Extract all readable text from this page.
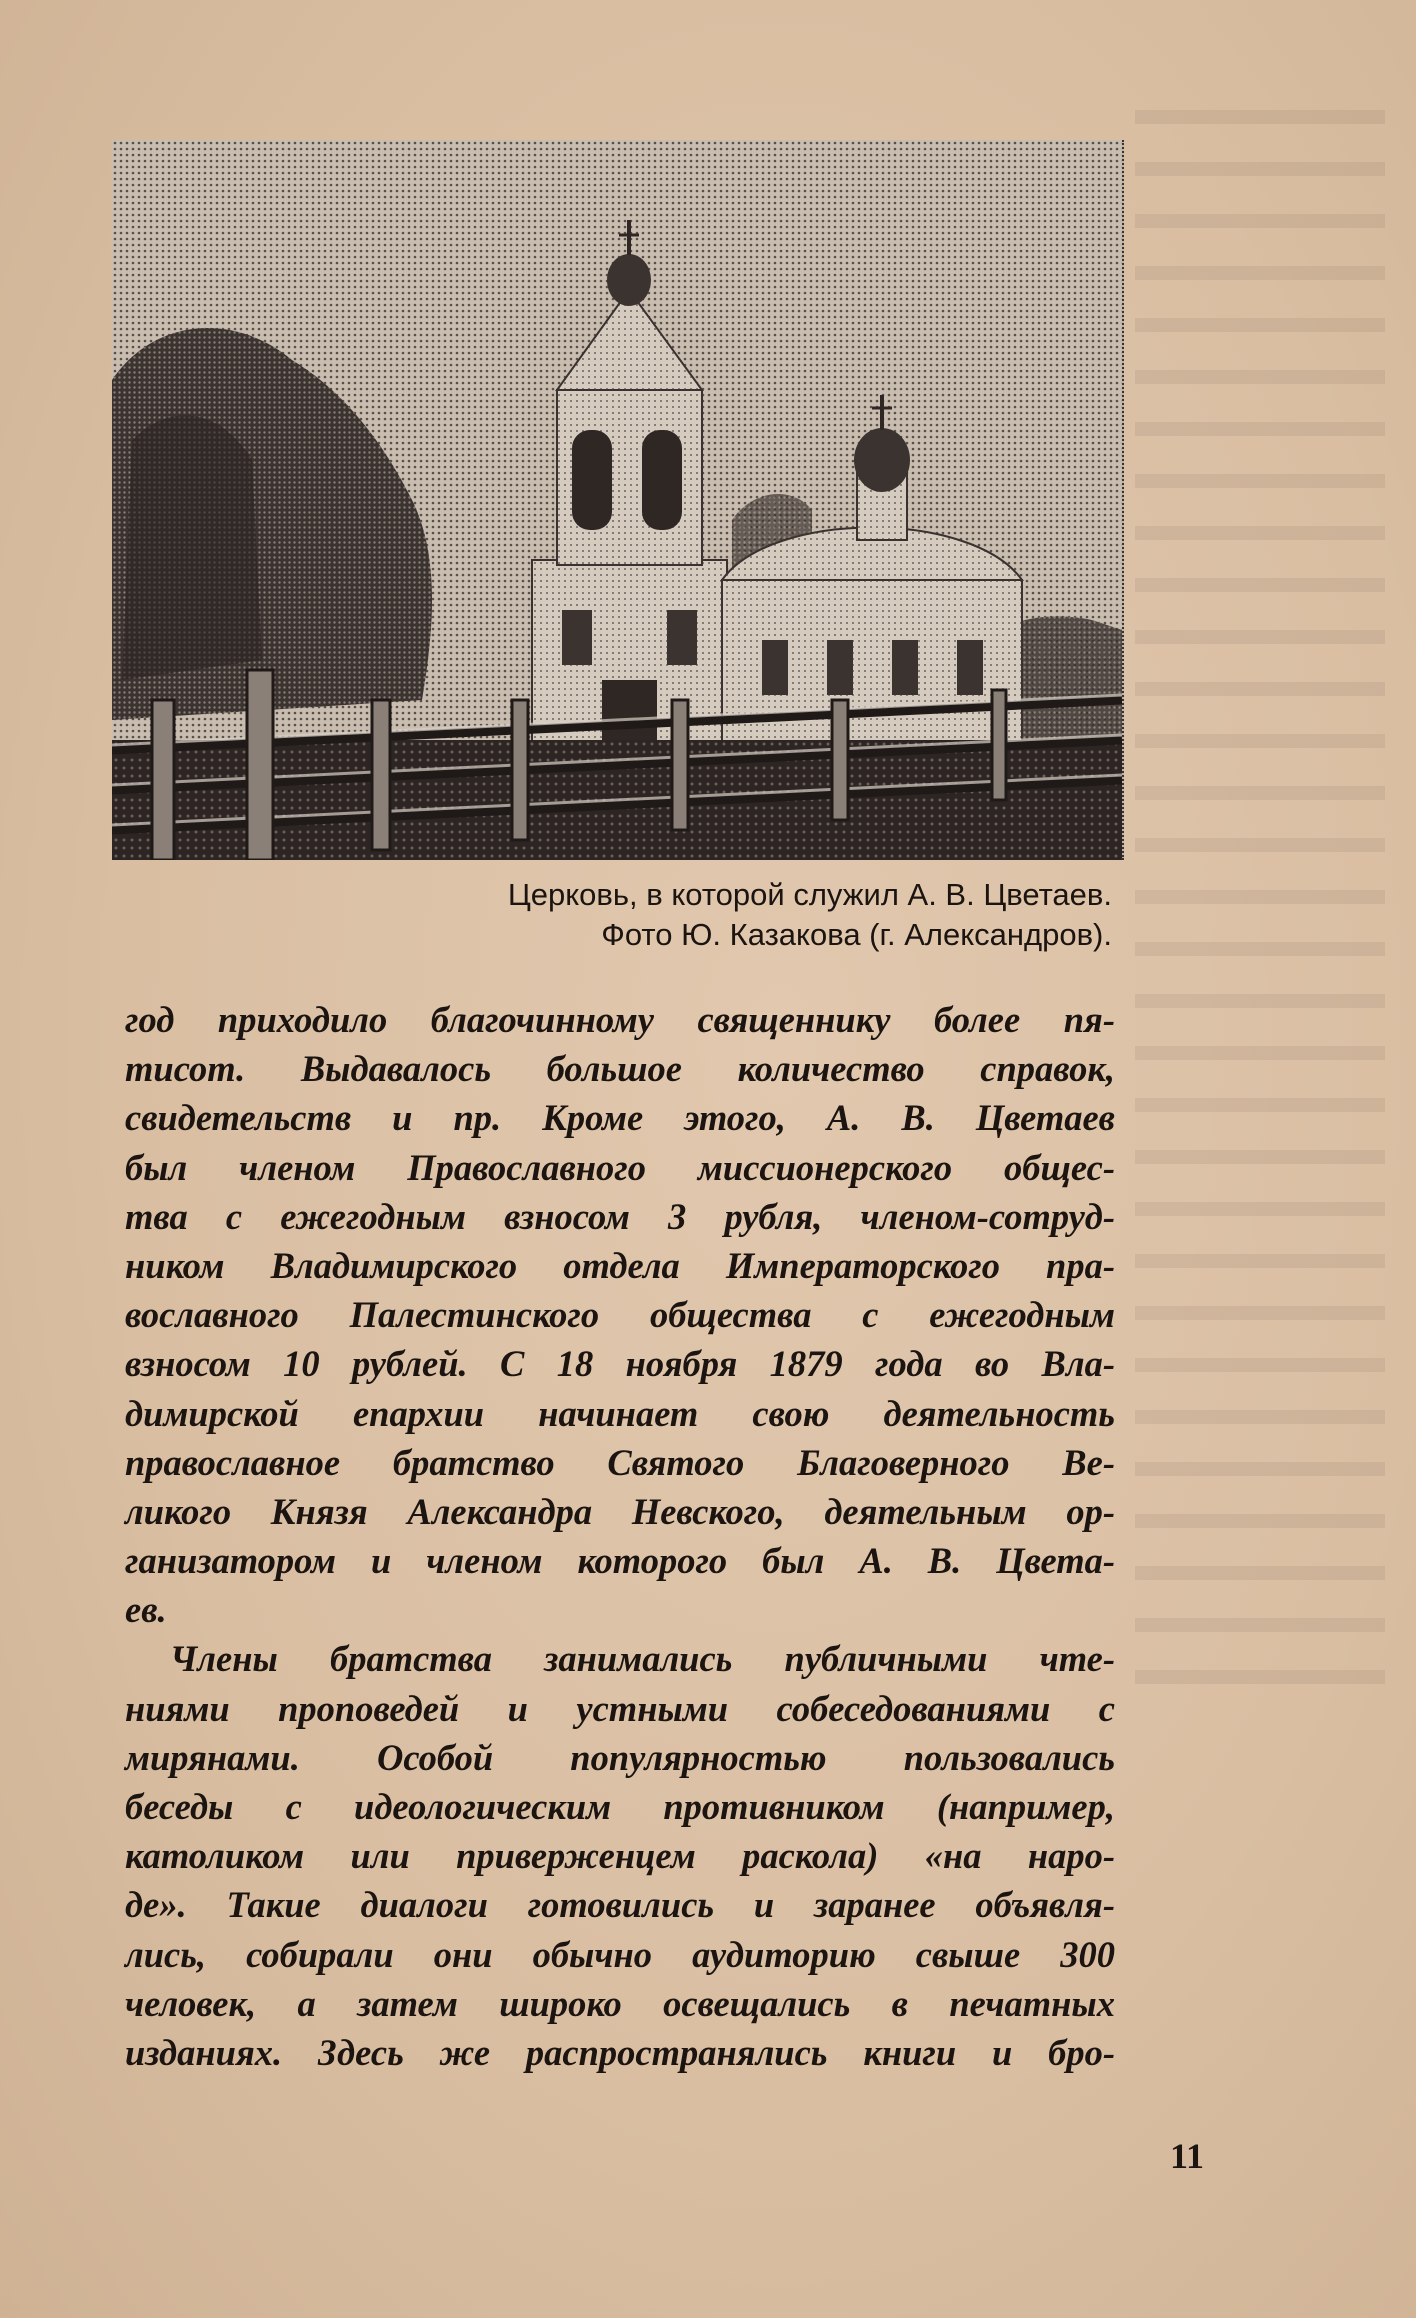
Церковь, в которой служил А. В. Цветаев.
Фото Ю. Казакова (г. Александров).
год приходило благочинному священнику более пя-
тисот. Выдавалось большое количество справок,
свидетельств и пр. Кроме этого, А. В. Цветаев
был членом Православного миссионерского общес-
тва с ежегодным взносом 3 рубля, членом-сотруд-
ником Владимирского отдела Императорского пра-
вославного Палестинского общества с ежегодным
взносом 10 рублей. С 18 ноября 1879 года во Вла-
димирской епархии начинает свою деятельность
православное братство Святого Благоверного Ве-
ликого Князя Александра Невского, деятельным ор-
ганизатором и членом которого был А. В. Цвета-
ев.
Члены братства занимались публичными чте-
ниями проповедей и устными собеседованиями с
мирянами. Особой популярностью пользовались
беседы с идеологическим противником (например,
католиком или приверженцем раскола) «на наро-
де». Такие диалоги готовились и заранее объявля-
лись, собирали они обычно аудиторию свыше 300
человек, а затем широко освещались в печатных
изданиях. Здесь же распространялись книги и бро-
11
